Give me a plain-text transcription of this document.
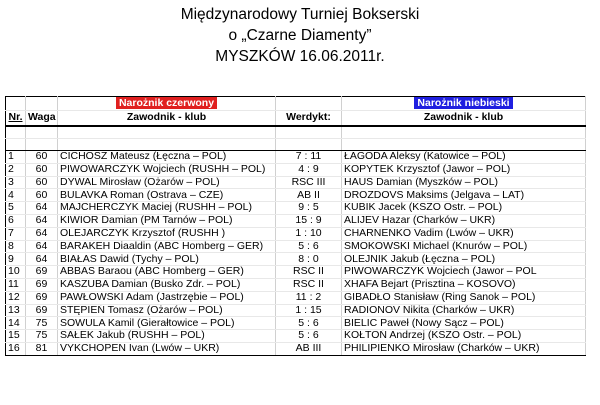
Międzynarodowy Turniej Bokserski
o „Czarne Diamenty”
MYSZKÓW 16.06.2011r.
		Narożnik czerwony		Narożnik niebieski
Nr.	Waga	Zawodnik - klub	Werdykt:	Zawodnik - klub

1	60	CICHOSZ Mateusz (Łęczna – POL)	7 : 11	ŁAGODA Aleksy (Katowice – POL)
2	60	PIWOWARCZYK Wojciech (RUSHH – POL)	4 : 9	KOPYTEK Krzysztof (Jawor – POL)
3	60	DYWAL Mirosław (Ożarów – POL)	RSC III	HAUS Damian (Myszków – POL)
4	60	BULAVKA Roman (Ostrava – CZE)	AB II	DROZDOVS Maksims (Jelgava – LAT)
5	64	MAJCHERCZYK Maciej (RUSHH – POL)	9 : 5	KUBIK Jacek (KSZO Ostr. – POL)
6	64	KIWIOR Damian (PM Tarnów – POL)	15 : 9	ALIJEV Hazar (Charków – UKR)
7	64	OLEJARCZYK Krzysztof (RUSHH )	1 : 10	CHARNENKO Vadim (Lwów – UKR)
8	64	BARAKEH Diaaldin (ABC Homberg – GER)	5 : 6	SMOKOWSKI Michael (Knurów – POL)
9	64	BIAŁAS Dawid (Tychy – POL)	8 : 0	OLEJNIK Jakub (Łęczna – POL)
10	69	ABBAS Baraou (ABC Homberg – GER)	RSC II	PIWOWARCZYK Wojciech (Jawor – POL
11	69	KASZUBA Damian (Busko Zdr. – POL)	RSC II	XHAFA Bejart (Prisztina – KOSOVO)
12	69	PAWŁOWSKI Adam (Jastrzębie – POL)	11 : 2	GIBADŁO Stanisław (Ring Sanok – POL)
13	69	STĘPIEŃ Tomasz (Ożarów – POL)	1 : 15	RADIONOV Nikita (Charków – UKR)
14	75	SOWULA Kamil (Gierałtowice – POL)	5 : 6	BIELIC Paweł (Nowy Sącz – POL)
15	75	SAŁEK Jakub (RUSHH – POL)	5 : 6	KOŁTOŃ Andrzej (KSZO Ostr. – POL)
16	81	VYKCHOPEN Ivan (Lwów – UKR)	AB III	PHILIPIENKO Mirosław (Charków – UKR)
